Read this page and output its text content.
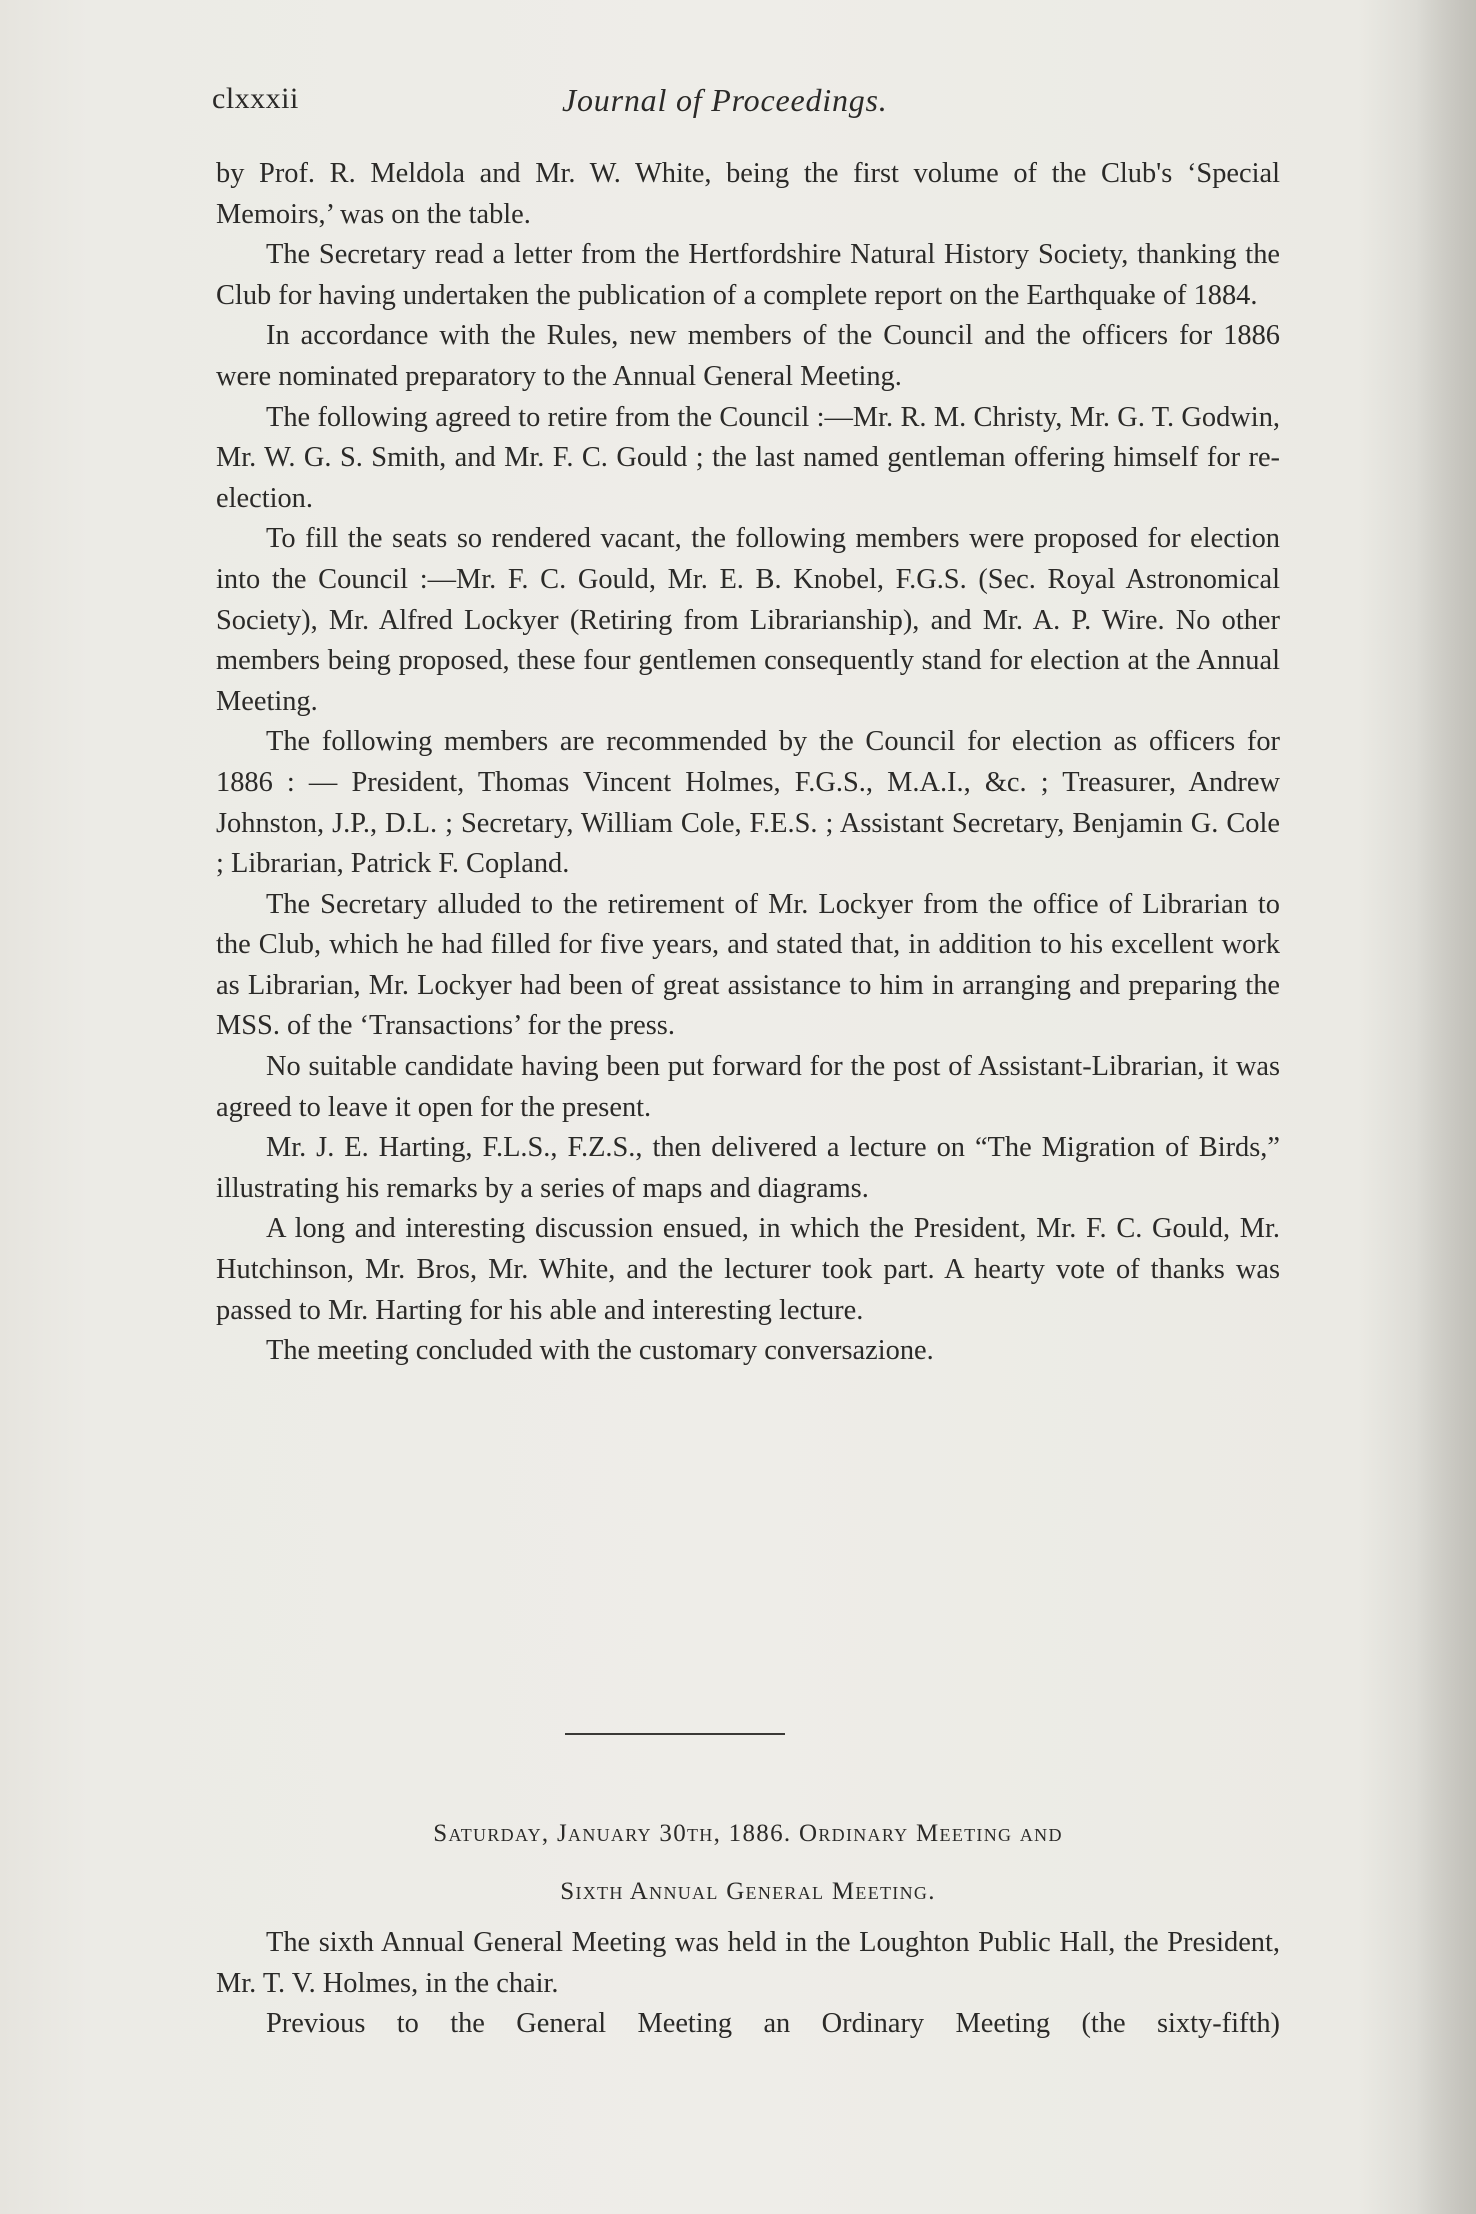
clxxxii	Journal of Proceedings.

by Prof. R. Meldola and Mr. W. White, being the first volume of the Club's ‘Special Memoirs,’ was on the table.

The Secretary read a letter from the Hertfordshire Natural History Society, thanking the Club for having undertaken the publication of a complete report on the Earthquake of 1884.

In accordance with the Rules, new members of the Council and the officers for 1886 were nominated preparatory to the Annual General Meeting.

The following agreed to retire from the Council :—Mr. R. M. Christy, Mr. G. T. Godwin, Mr. W. G. S. Smith, and Mr. F. C. Gould ; the last named gentleman offering himself for re-election.

To fill the seats so rendered vacant, the following members were proposed for election into the Council :—Mr. F. C. Gould, Mr. E. B. Knobel, F.G.S. (Sec. Royal Astronomical Society), Mr. Alfred Lockyer (Retiring from Librarianship), and Mr. A. P. Wire. No other members being proposed, these four gentlemen consequently stand for election at the Annual Meeting.

The following members are recommended by the Council for election as officers for 1886 : — President, Thomas Vincent Holmes, F.G.S., M.A.I., &c. ; Treasurer, Andrew Johnston, J.P., D.L. ; Secretary, William Cole, F.E.S. ; Assistant Secretary, Benjamin G. Cole ; Librarian, Patrick F. Copland.

The Secretary alluded to the retirement of Mr. Lockyer from the office of Librarian to the Club, which he had filled for five years, and stated that, in addition to his excellent work as Librarian, Mr. Lockyer had been of great assistance to him in arranging and preparing the MSS. of the ‘Transactions’ for the press.

No suitable candidate having been put forward for the post of Assistant-Librarian, it was agreed to leave it open for the present.

Mr. J. E. Harting, F.L.S., F.Z.S., then delivered a lecture on “The Migration of Birds,” illustrating his remarks by a series of maps and diagrams.

A long and interesting discussion ensued, in which the President, Mr. F. C. Gould, Mr. Hutchinson, Mr. Bros, Mr. White, and the lecturer took part. A hearty vote of thanks was passed to Mr. Harting for his able and interesting lecture.

The meeting concluded with the customary conversazione.

Saturday, January 30th, 1886. Ordinary Meeting and
Sixth Annual General Meeting.

The sixth Annual General Meeting was held in the Loughton Public Hall, the President, Mr. T. V. Holmes, in the chair.

Previous to the General Meeting an Ordinary Meeting (the sixty-fifth)
